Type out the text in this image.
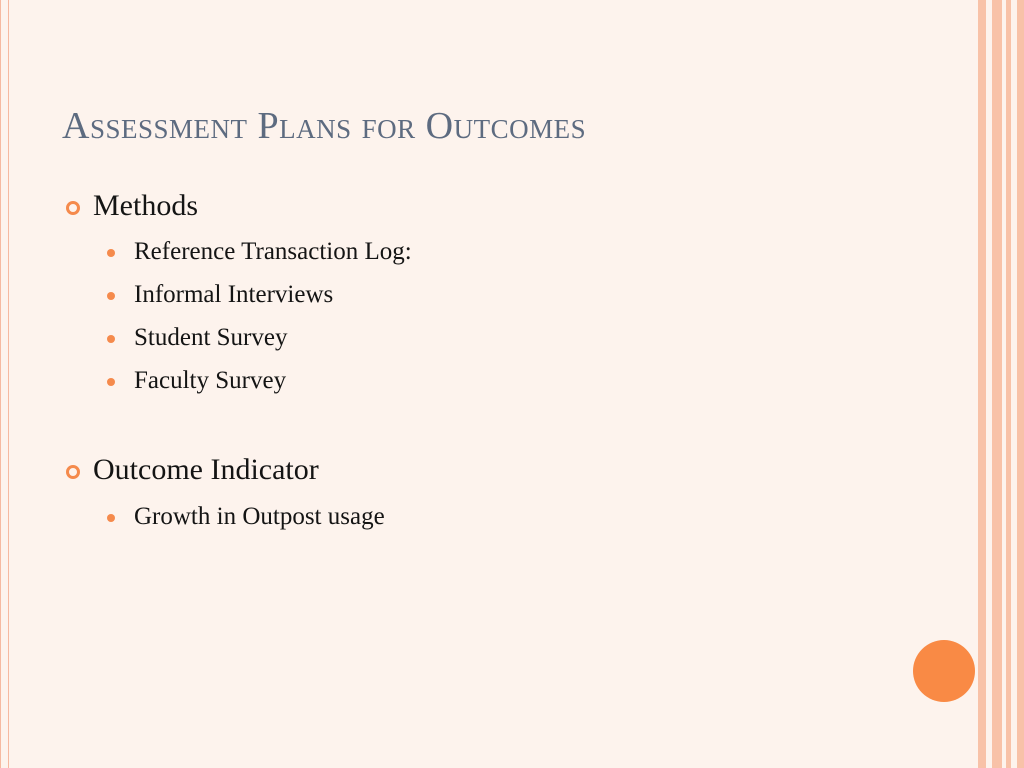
Assessment Plans for Outcomes
Methods
Reference Transaction Log:
Informal Interviews
Student Survey
Faculty Survey
Outcome Indicator
Growth in Outpost usage
